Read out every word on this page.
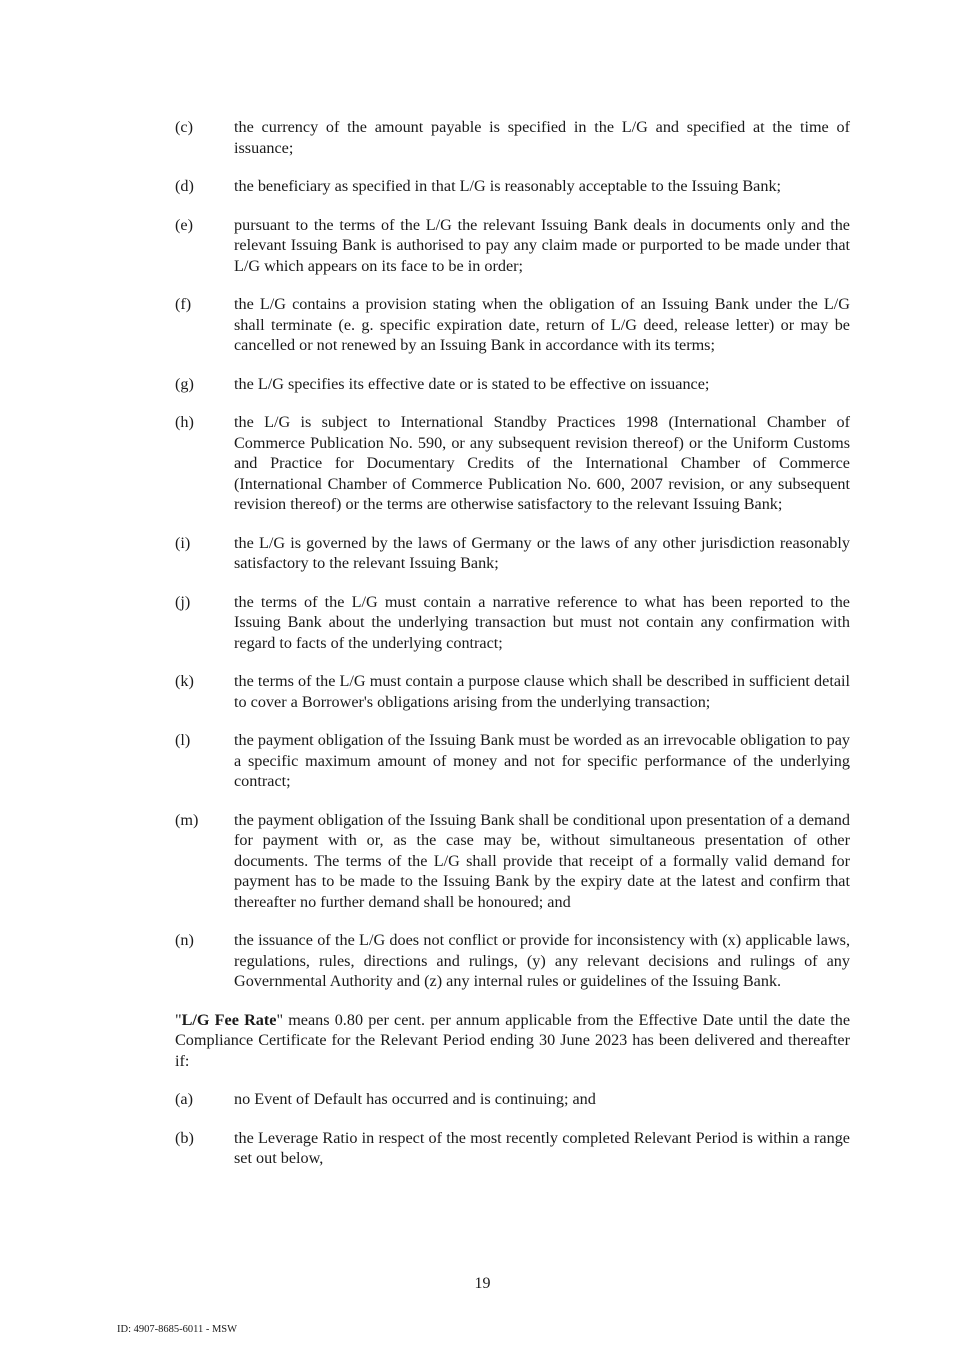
(c)	the currency of the amount payable is specified in the L/G and specified at the time of issuance;
(d)	the beneficiary as specified in that L/G is reasonably acceptable to the Issuing Bank;
(e)	pursuant to the terms of the L/G the relevant Issuing Bank deals in documents only and the relevant Issuing Bank is authorised to pay any claim made or purported to be made under that L/G which appears on its face to be in order;
(f)	the L/G contains a provision stating when the obligation of an Issuing Bank under the L/G shall terminate (e. g. specific expiration date, return of L/G deed, release letter) or may be cancelled or not renewed by an Issuing Bank in accordance with its terms;
(g)	the L/G specifies its effective date or is stated to be effective on issuance;
(h)	the L/G is subject to International Standby Practices 1998 (International Chamber of Commerce Publication No. 590, or any subsequent revision thereof) or the Uniform Customs and Practice for Documentary Credits of the International Chamber of Commerce (International Chamber of Commerce Publication No. 600, 2007 revision, or any subsequent revision thereof) or the terms are otherwise satisfactory to the relevant Issuing Bank;
(i)	the L/G is governed by the laws of Germany or the laws of any other jurisdiction reasonably satisfactory to the relevant Issuing Bank;
(j)	the terms of the L/G must contain a narrative reference to what has been reported to the Issuing Bank about the underlying transaction but must not contain any confirmation with regard to facts of the underlying contract;
(k)	the terms of the L/G must contain a purpose clause which shall be described in sufficient detail to cover a Borrower's obligations arising from the underlying transaction;
(l)	the payment obligation of the Issuing Bank must be worded as an irrevocable obligation to pay a specific maximum amount of money and not for specific performance of the underlying contract;
(m)	the payment obligation of the Issuing Bank shall be conditional upon presentation of a demand for payment with or, as the case may be, without simultaneous presentation of other documents. The terms of the L/G shall provide that receipt of a formally valid demand for payment has to be made to the Issuing Bank by the expiry date at the latest and confirm that thereafter no further demand shall be honoured; and
(n)	the issuance of the L/G does not conflict or provide for inconsistency with (x) applicable laws, regulations, rules, directions and rulings, (y) any relevant decisions and rulings of any Governmental Authority and (z) any internal rules or guidelines of the Issuing Bank.
"L/G Fee Rate" means 0.80 per cent. per annum applicable from the Effective Date until the date the Compliance Certificate for the Relevant Period ending 30 June 2023 has been delivered and thereafter if:
(a)	no Event of Default has occurred and is continuing; and
(b)	the Leverage Ratio in respect of the most recently completed Relevant Period is within a range set out below,
19
ID: 4907-8685-6011 - MSW
